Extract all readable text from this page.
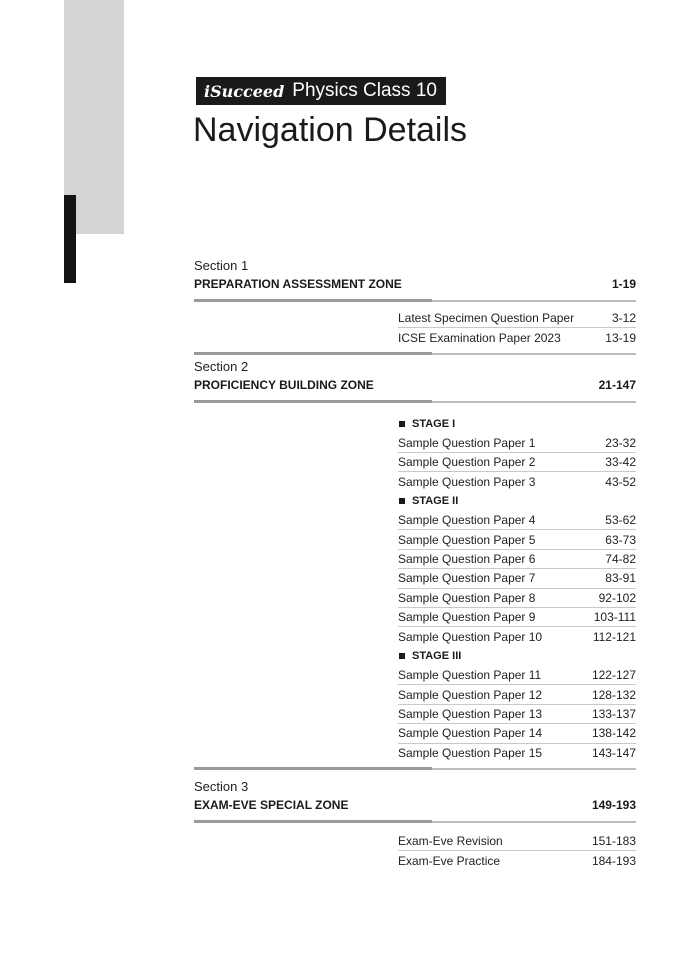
iSucceed Physics Class 10
Navigation Details
Section 1
PREPARATION ASSESSMENT ZONE	1-19
Latest Specimen Question Paper	3-12
ICSE Examination Paper 2023	13-19
Section 2
PROFICIENCY BUILDING ZONE	21-147
STAGE I
Sample Question Paper 1	23-32
Sample Question Paper 2	33-42
Sample Question Paper 3	43-52
STAGE II
Sample Question Paper 4	53-62
Sample Question Paper 5	63-73
Sample Question Paper 6	74-82
Sample Question Paper 7	83-91
Sample Question Paper 8	92-102
Sample Question Paper 9	103-111
Sample Question Paper 10	112-121
STAGE III
Sample Question Paper 11	122-127
Sample Question Paper 12	128-132
Sample Question Paper 13	133-137
Sample Question Paper 14	138-142
Sample Question Paper 15	143-147
Section 3
EXAM-EVE SPECIAL ZONE	149-193
Exam-Eve Revision	151-183
Exam-Eve Practice	184-193
